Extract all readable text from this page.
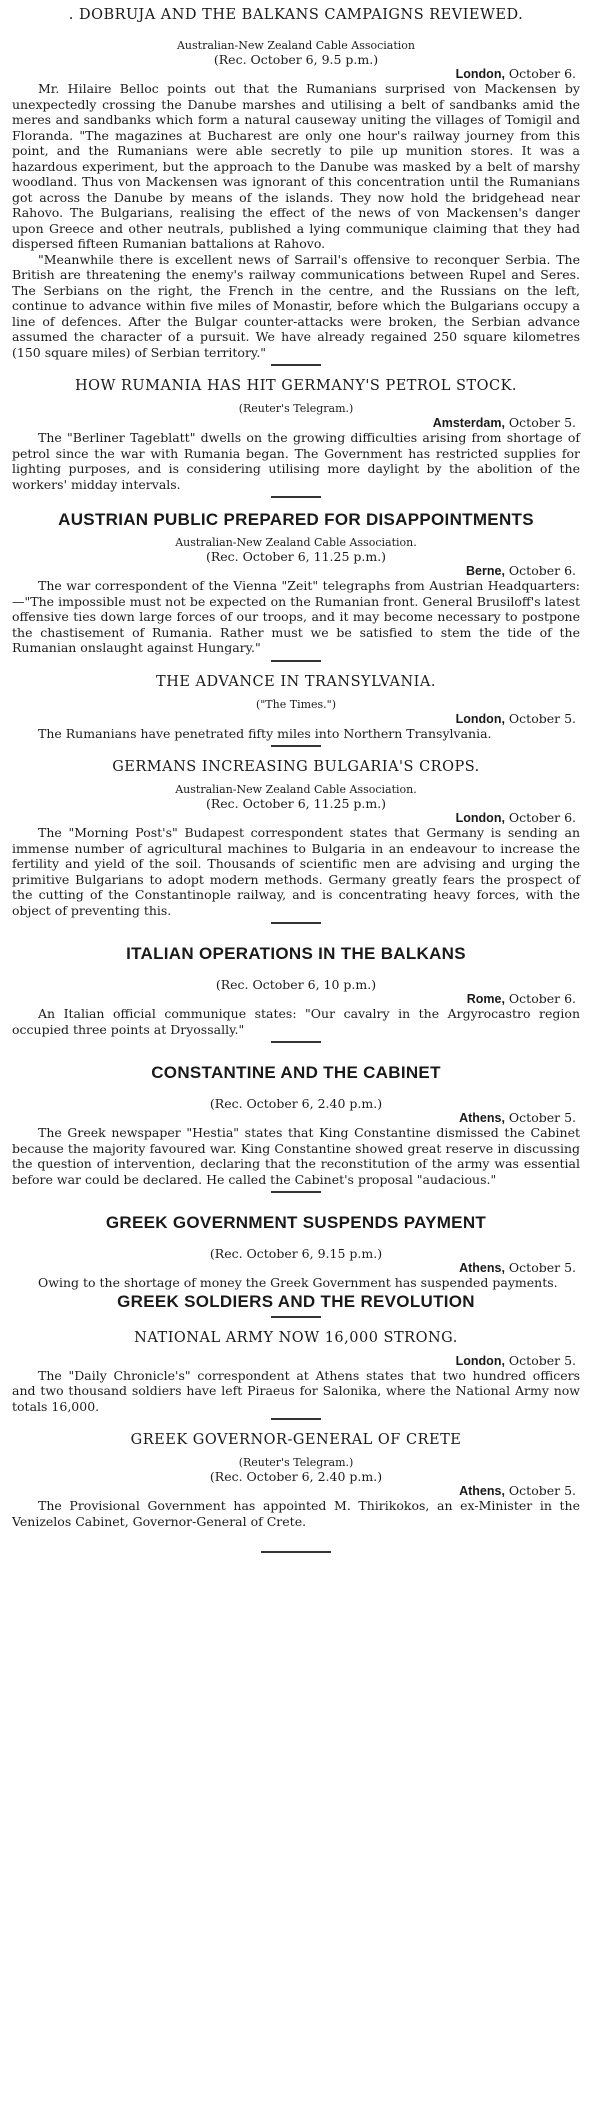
. DOBRUJA AND THE BALKANS CAMPAIGNS REVIEWED.

Australian-New Zealand Cable Association

(Rec. October 6, 9.5 p.m.)

London, October 6.

Mr. Hilaire Belloc points out that the Rumanians surprised von Mackensen by unexpectedly crossing the Danube marshes and utilising a belt of sandbanks amid the meres and sandbanks which form a natural causeway uniting the villages of Tomigil and Floranda. "The magazines at Bucharest are only one hour's railway journey from this point, and the Rumanians were able secretly to pile up munition stores. It was a hazardous experiment, but the approach to the Danube was masked by a belt of marshy woodland. Thus von Mackensen was ignorant of this concentration until the Rumanians got across the Danube by means of the islands. They now hold the bridgehead near Rahovo. The Bulgarians, realising the effect of the news of von Mackensen's danger upon Greece and other neutrals, published a lying communique claiming that they had dispersed fifteen Rumanian battalions at Rahovo.

"Meanwhile there is excellent news of Sarrail's offensive to reconquer Serbia. The British are threatening the enemy's railway communications between Rupel and Seres. The Serbians on the right, the French in the centre, and the Russians on the left, continue to advance within five miles of Monastir, before which the Bulgarians occupy a line of defences. After the Bulgar counter-attacks were broken, the Serbian advance assumed the character of a pursuit. We have already regained 250 square kilometres (150 square miles) of Serbian territory."

HOW RUMANIA HAS HIT GERMANY'S PETROL STOCK.

(Reuter's Telegram.)

Amsterdam, October 5.

The "Berliner Tageblatt" dwells on the growing difficulties arising from shortage of petrol since the war with Rumania began. The Government has restricted supplies for lighting purposes, and is considering utilising more daylight by the abolition of the workers' midday intervals.

AUSTRIAN PUBLIC PREPARED FOR DISAPPOINTMENTS

Australian-New Zealand Cable Association.

(Rec. October 6, 11.25 p.m.)

Berne, October 6.

The war correspondent of the Vienna "Zeit" telegraphs from Austrian Headquarters:—"The impossible must not be expected on the Rumanian front. General Brusiloff's latest offensive ties down large forces of our troops, and it may become necessary to postpone the chastisement of Rumania. Rather must we be satisfied to stem the tide of the Rumanian onslaught against Hungary."

THE ADVANCE IN TRANSYLVANIA.

("The Times.")

London, October 5.

The Rumanians have penetrated fifty miles into Northern Transylvania.

GERMANS INCREASING BULGARIA'S CROPS.

Australian-New Zealand Cable Association.

(Rec. October 6, 11.25 p.m.)

London, October 6.

The "Morning Post's" Budapest correspondent states that Germany is sending an immense number of agricultural machines to Bulgaria in an endeavour to increase the fertility and yield of the soil. Thousands of scientific men are advising and urging the primitive Bulgarians to adopt modern methods. Germany greatly fears the prospect of the cutting of the Constantinople railway, and is concentrating heavy forces, with the object of preventing this.

ITALIAN OPERATIONS IN THE BALKANS

(Rec. October 6, 10 p.m.)

Rome, October 6.

An Italian official communique states: "Our cavalry in the Argyrocastro region occupied three points at Dryossally."

CONSTANTINE AND THE CABINET

(Rec. October 6, 2.40 p.m.)

Athens, October 5.

The Greek newspaper "Hestia" states that King Constantine dismissed the Cabinet because the majority favoured war. King Constantine showed great reserve in discussing the question of intervention, declaring that the reconstitution of the army was essential before war could be declared. He called the Cabinet's proposal "audacious."

GREEK GOVERNMENT SUSPENDS PAYMENT

(Rec. October 6, 9.15 p.m.)

Athens, October 5.

Owing to the shortage of money the Greek Government has suspended payments.

GREEK SOLDIERS AND THE REVOLUTION
NATIONAL ARMY NOW 16,000 STRONG.

London, October 5.

The "Daily Chronicle's" correspondent at Athens states that two hundred officers and two thousand soldiers have left Piraeus for Salonika, where the National Army now totals 16,000.

GREEK GOVERNOR-GENERAL OF CRETE

(Reuter's Telegram.)

(Rec. October 6, 2.40 p.m.)

Athens, October 5.

The Provisional Government has appointed M. Thirikokos, an ex-Minister in the Venizelos Cabinet, Governor-General of Crete.
